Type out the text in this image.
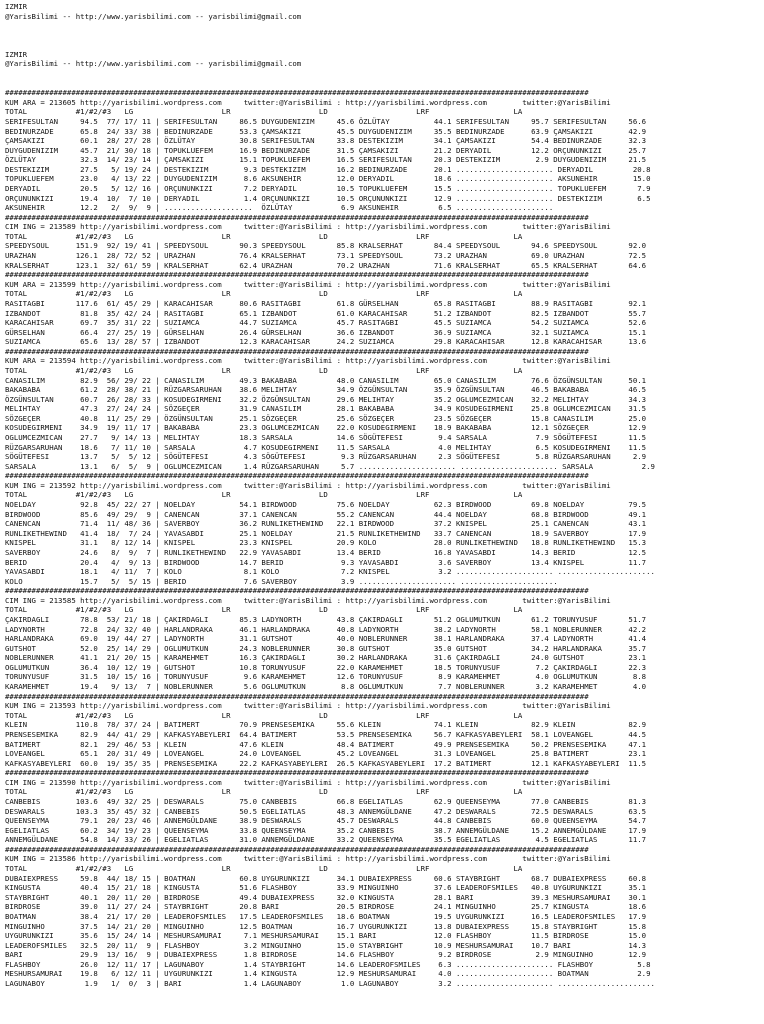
IZMIR
@YarisBilimi -- http://www.yarisbilimi.com -- yarisbilimi@gmail.com
IZMIR
@YarisBilimi -- http://www.yarisbilimi.com -- yarisbilimi@gmail.com
####################################################################################################################################
KUM ARA = 213605 http://yarisbilimi.wordpress.com     twitter:@YarisBilimi : http://yarisbilimi.wordpress.com        twitter:@YarisBilimi
TOTAL           #1/#2/#3   LG                    LR                    LD                    LRF                   LA
SERIFESULTAN     94.5  77/ 17/ 11 | SERIFESULTAN     86.5 DUYGUDENIZIM     45.6 ÖZLÜTAY          44.1 SERIFESULTAN     95.7 SERIFESULTAN     56.6
BEDINURZADE      65.8  24/ 33/ 38 | BEDINURZADE      53.3 ÇAMSAKIZI        45.5 DUYGUDENIZIM     35.5 BEDINURZADE      63.9 ÇAMSAKIZI        42.9
ÇAMSAKIZI        60.1  28/ 27/ 28 | ÖZLÜTAY          30.8 SERIFESULTAN     33.8 DESTEKIZIM       34.1 ÇAMSAKIZI        54.4 BEDINURZADE      32.3
DUYGUDENIZIM     45.7  21/ 30/ 18 | TOPUKLUEFEM      16.9 BEDINURZADE      31.5 ÇAMSAKIZI        21.2 DERYADIL         12.2 ORÇUNUNKIZI      25.7
ÖZLÜTAY          32.3  14/ 23/ 14 | ÇAMSAKIZI        15.1 TOPUKLUEFEM      16.5 SERIFESULTAN     20.3 DESTEKIZIM        2.9 DUYGUDENIZIM     21.5
DESTEKIZIM       27.5   5/ 19/ 24 | DESTEKIZIM        9.3 DESTEKIZIM       16.2 BEDINURZADE      20.1 ...................... DERYADIL         20.8
TOPUKLUEFEM      23.0   4/ 13/ 22 | DUYGUDENIZIM      8.6 AKSUNEHIR        12.0 DERYADIL         18.6 ...................... AKSUNEHIR        15.0
DERYADIL         20.5   5/ 12/ 16 | ORÇUNUNKIZI       7.2 DERYADIL         10.5 TOPUKLUEFEM      15.5 ...................... TOPUKLUEFEM       7.9
ORÇUNUNKIZI      19.4  10/  7/ 10 | DERYADIL          1.4 ORÇUNUNKIZI      10.5 ORÇUNUNKIZI      12.9 ...................... DESTEKIZIM        6.5
AKSUNEHIR        12.2   2/  9/  9 | ....................  ÖZLÜTAY           6.9 AKSUNEHIR         6.5 ......................
####################################################################################################################################
CIM ING = 213589 http://yarisbilimi.wordpress.com     twitter:@YarisBilimi : http://yarisbilimi.wordpress.com        twitter:@YarisBilimi
TOTAL           #1/#2/#3   LG                    LR                    LD                    LRF                   LA
SPEEDYSOUL      151.9  92/ 19/ 41 | SPEEDYSOUL       90.3 SPEEDYSOUL       85.8 KRALSERHAT       84.4 SPEEDYSOUL       94.6 SPEEDYSOUL       92.0
URAZHAN         126.1  28/ 72/ 52 | URAZHAN          76.4 KRALSERHAT       73.1 SPEEDYSOUL       73.2 URAZHAN          69.0 URAZHAN          72.5
KRALSERHAT      123.1  32/ 61/ 59 | KRALSERHAT       62.4 URAZHAN          70.2 URAZHAN          71.6 KRALSERHAT       65.5 KRALSERHAT       64.6
####################################################################################################################################
KUM ARA = 213599 http://yarisbilimi.wordpress.com     twitter:@YarisBilimi : http://yarisbilimi.wordpress.com        twitter:@YarisBilimi
TOTAL           #1/#2/#3   LG                    LR                    LD                    LRF                   LA
RASITAGBI       117.6  61/ 45/ 29 | KARACAHISAR      80.6 RASITAGBI        61.8 GÜRSELHAN        65.8 RASITAGBI        88.9 RASITAGBI        92.1
IZBANDOT         81.8  35/ 42/ 24 | RASITAGBI        65.1 IZBANDOT         61.0 KARACAHISAR      51.2 IZBANDOT         82.5 IZBANDOT         55.7
KARACAHISAR      69.7  35/ 31/ 22 | SUZIAMCA         44.7 SUZIAMCA         45.7 RASITAGBI        45.5 SUZIAMCA         54.2 SUZIAMCA         52.6
GÜRSELHAN        66.4  27/ 25/ 19 | GÜRSELHAN        26.4 GÜRSELHAN        36.6 IZBANDOT         36.9 SUZIAMCA         32.1 SUZIAMCA         15.1
SUZIAMCA         65.6  13/ 28/ 57 | IZBANDOT         12.3 KARACAHISAR      24.2 SUZIAMCA         29.8 KARACAHISAR      12.8 KARACAHISAR      13.6
####################################################################################################################################
KUM ARA = 213594 http://yarisbilimi.wordpress.com     twitter:@YarisBilimi : http://yarisbilimi.wordpress.com        twitter:@YarisBilimi
TOTAL           #1/#2/#3   LG                    LR                    LD                    LRF                   LA
CANASILIM        82.9  56/ 29/ 22 | CANASILIM        49.3 BAKABABA         48.0 CANASILIM        65.0 CANASILIM        76.6 ÖZGÜNSULTAN      50.1
BAKABABA         61.2  28/ 38/ 21 | RÜZGARSARUHAN    38.6 MELIHTAY         34.9 ÖZGÜNSULTAN      35.9 ÖZGÜNSULTAN      46.5 BAKABABA         46.5
ÖZGÜNSULTAN      60.7  26/ 28/ 33 | KOSUDEGIRMENI    32.2 ÖZGÜNSULTAN      29.6 MELIHTAY         35.2 OGLUMCEZMICAN    32.2 MELIHTAY         34.3
MELIHTAY         47.3  27/ 24/ 24 | SÖZGEÇER         31.9 CANASILIM        28.1 BAKABABA         34.9 KOSUDEGIRMENI    25.8 OGLUMCEZMICAN    31.5
SÖZGEÇER         40.8  11/ 25/ 29 | ÖZGÜNSULTAN      25.1 SÖZGEÇER         25.6 SÖZGEÇER         23.5 SÖZGEÇER         15.8 CANASILIM        25.0
KOSUDEGIRMENI    34.9  19/ 11/ 17 | BAKABABA         23.3 OGLUMCEZMICAN    22.0 KOSUDEGIRMENI    18.9 BAKABABA         12.1 SÖZGEÇER         12.9
OGLUMCEZMICAN    27.7   9/ 14/ 13 | MELIHTAY         18.3 SARSALA          14.6 SÖGÜTEFESI        9.4 SARSALA           7.9 SÖGÜTEFESI       11.5
RÜZGARSARUHAN    18.6   7/ 11/ 10 | SARSALA           4.7 KOSUDEGIRMENI    11.5 SARSALA           4.0 MELIHTAY          6.5 KOSUDEGIRMENI    11.5
SÖGÜTEFESI       13.7   5/  5/ 12 | SÖGÜTEFESI        4.3 SÖGÜTEFESI        9.3 RÜZGARSARUHAN     2.3 SÖGÜTEFESI        5.8 RÜZGARSARUHAN     2.9
SARSALA          13.1   6/  5/  9 | OGLUMCEZMICAN     1.4 RÜZGARSARUHAN     5.7 ...................... ...................... SARSALA           2.9
####################################################################################################################################
KUM ING = 213592 http://yarisbilimi.wordpress.com     twitter:@YarisBilimi : http://yarisbilimi.wordpress.com        twitter:@YarisBilimi
TOTAL           #1/#2/#3   LG                    LR                    LD                    LRF                   LA
NOELDAY          92.8  45/ 22/ 27 | NOELDAY          54.1 BIRDWOOD         75.6 NOELDAY          62.3 BIRDWOOD         69.8 NOELDAY          79.5
BIRDWOOD         85.6  49/ 29/  9 | CANENCAN         37.1 CANENCAN         55.2 CANENCAN         44.4 NOELDAY          68.8 BIRDWOOD         49.1
CANENCAN         71.4  11/ 48/ 36 | SAVERBOY         36.2 RUNLIKETHEWIND   22.1 BIRDWOOD         37.2 KNISPEL          25.1 CANENCAN         43.1
RUNLIKETHEWIND   41.4  18/  7/ 24 | YAVASABDI        25.1 NOELDAY          21.5 RUNLIKETHEWIND   33.7 CANENCAN         18.9 SAVERBOY         17.9
KNISPEL          31.1   8/ 12/ 14 | KNISPEL          23.3 KNISPEL          20.9 KOLO             28.0 RUNLIKETHEWIND   18.8 RUNLIKETHEWIND   15.3
SAVERBOY         24.6   8/  9/  7 | RUNLIKETHEWIND   22.9 YAVASABDI        13.4 BERID            16.8 YAVASABDI        14.3 BERID            12.5
BERID            20.4   4/  9/ 13 | BIRDWOOD         14.7 BERID             9.3 YAVASABDI         3.6 SAVERBOY         13.4 KNISPEL          11.7
YAVASABDI        18.1   4/ 11/  7 | KOLO              8.1 KOLO              7.2 KNISPEL           3.2 ...................... ......................
KOLO             15.7   5/  5/ 15 | BERID             7.6 SAVERBOY          3.9 ...................... ......................
####################################################################################################################################
CIM ING = 213585 http://yarisbilimi.wordpress.com     twitter:@YarisBilimi : http://yarisbilimi.wordpress.com        twitter:@YarisBilimi
TOTAL           #1/#2/#3   LG                    LR                    LD                    LRF                   LA
ÇAKIRDAGLI       78.8  53/ 21/ 18 | ÇAKIRDAGLI       85.3 LADYNORTH        43.8 ÇAKIRDAGLI       51.2 OGLUMUTKUN       61.2 TORUNYUSUF       51.7
LADYNORTH        72.8  24/ 32/ 40 | HARLANDRAKA      46.1 HARLANDRAKA      40.8 LADYNORTH        38.2 LADYNORTH        58.1 NOBLERUNNER      42.2
HARLANDRAKA      69.0  19/ 44/ 27 | LADYNORTH        31.1 GUTSHOT          40.0 NOBLERUNNER      38.1 HARLANDRAKA      37.4 LADYNORTH        41.4
GUTSHOT          52.0  25/ 14/ 29 | OGLUMUTKUN       24.3 NOBLERUNNER      30.8 GUTSHOT          35.0 GUTSHOT          34.2 HARLANDRAKA      35.7
NOBLERUNNER      41.1  21/ 20/ 15 | KARAMEHMET       16.3 ÇAKIRDAGLI       30.2 HARLANDRAKA      31.6 ÇAKIRDAGLI       24.0 GUTSHOT          23.1
OGLUMUTKUN       36.4  10/ 12/ 19 | GUTSHOT          10.8 TORUNYUSUF       22.0 KARAMEHMET       18.5 TORUNYUSUF        7.2 ÇAKIRDAGLI       22.3
TORUNYUSUF       31.5  10/ 15/ 16 | TORUNYUSUF        9.6 KARAMEHMET       12.6 TORUNYUSUF        8.9 KARAMEHMET        4.0 OGLUMUTKUN        8.8
KARAMEHMET       19.4   9/ 13/  7 | NOBLERUNNER       5.6 OGLUMUTKUN        8.8 OGLUMUTKUN        7.7 NOBLERUNNER       3.2 KARAMEHMET        4.0
####################################################################################################################################
KUM ING = 213593 http://yarisbilimi.wordpress.com     twitter:@YarisBilimi : http://yarisbilimi.wordpress.com        twitter:@YarisBilimi
TOTAL           #1/#2/#3   LG                    LR                    LD                    LRF                   LA
KLEIN           110.8  78/ 37/ 24 | BATIMERT         70.9 PRENSESEMIKA     55.6 KLEIN            74.1 KLEIN            82.9 KLEIN            82.9
PRENSESEMIKA     82.9  44/ 41/ 29 | KAFKASYABEYLERI  64.4 BATIMERT         53.5 PRENSESEMIKA     56.7 KAFKASYABEYLERI  58.1 LOVEANGEL        44.5
BATIMERT         82.1  29/ 46/ 53 | KLEIN            47.6 KLEIN            48.4 BATIMERT         49.9 PRENSESEMIKA     50.2 PRENSESEMIKA     47.1
LOVEANGEL        65.1  20/ 31/ 49 | LOVEANGEL        24.0 LOVEANGEL        45.2 LOVEANGEL        31.3 LOVEANGEL        25.8 BATIMERT         23.1
KAFKASYABEYLERI  60.0  19/ 35/ 35 | PRENSESEMIKA     22.2 KAFKASYABEYLERI  26.5 KAFKASYABEYLERI  17.2 BATIMERT         12.1 KAFKASYABEYLERI  11.5
####################################################################################################################################
CIM ING = 213590 http://yarisbilimi.wordpress.com     twitter:@YarisBilimi : http://yarisbilimi.wordpress.com        twitter:@YarisBilimi
TOTAL           #1/#2/#3   LG                    LR                    LD                    LRF                   LA
CANBEBIS        103.6  49/ 32/ 25 | DESWARALS        75.0 CANBEBIS         66.8 EGELIATLAS       62.9 QUEENSEYMA       77.0 CANBEBIS         81.3
DESWARALS       103.3  35/ 45/ 32 | CANBEBIS         50.5 EGELIATLAS       48.3 ANNEMGÜLDANE     47.2 DESWARALS        72.5 DESWARALS        63.5
QUEENSEYMA       79.1  20/ 23/ 46 | ANNEMGÜLDANE     38.9 DESWARALS        45.7 DESWARALS        44.8 CANBEBIS         60.0 QUEENSEYMA       54.7
EGELIATLAS       60.2  34/ 19/ 23 | QUEENSEYMA       33.8 QUEENSEYMA       35.2 CANBEBIS         38.7 ANNEMGÜLDANE     15.2 ANNEMGÜLDANE     17.9
ANNEMGÜLDANE     54.8  14/ 33/ 26 | EGELIATLAS       31.0 ANNEMGÜLDANE     33.2 QUEENSEYMA       35.5 EGELIATLAS        4.5 EGELIATLAS       11.7
####################################################################################################################################
KUM ING = 213586 http://yarisbilimi.wordpress.com     twitter:@YarisBilimi : http://yarisbilimi.wordpress.com        twitter:@YarisBilimi
TOTAL           #1/#2/#3   LG                    LR                    LD                    LRF                   LA
DUBAIEXPRESS     59.8  44/ 18/ 15 | BOATMAN          60.8 UYGURUNKIZI      34.1 DUBAIEXPRESS     60.6 STAYBRIGHT       68.7 DUBAIEXPRESS     60.8
KINGUSTA         40.4  15/ 21/ 18 | KINGUSTA         51.6 FLASHBOY         33.9 MINGUINHO        37.6 LEADEROFSMILES   40.8 UYGURUNKIZI      35.1
STAYBRIGHT       40.1  20/ 11/ 20 | BIRDROSE         49.4 DUBAIEXPRESS     32.0 KINGUSTA         28.1 BARI             39.3 MESHURSAMURAI    30.1
BIRDROSE         39.0  11/ 27/ 24 | STAYBRIGHT       20.8 BARI             20.5 BIRDROSE         24.1 MINGUINHO        25.7 KINGUSTA         18.6
BOATMAN          38.4  21/ 17/ 20 | LEADEROFSMILES   17.5 LEADEROFSMILES   18.6 BOATMAN          19.5 UYGURUNKIZI      16.5 LEADEROFSMILES   17.9
MINGUINHO        37.5  14/ 21/ 20 | MINGUINHO        12.5 BOATMAN          16.7 UYGURUNKIZI      13.8 DUBAIEXPRESS     15.8 STAYBRIGHT       15.8
UYGURUNKIZI      35.6  15/ 24/ 14 | MESHURSAMURAI     7.1 MESHURSAMURAI    15.1 BARI             12.0 FLASHBOY         11.5 BIRDROSE         15.0
LEADEROFSMILES   32.5  20/ 11/  9 | FLASHBOY          3.2 MINGUINHO        15.0 STAYBRIGHT       10.9 MESHURSAMURAI    10.7 BARI             14.3
BARI             29.9  13/ 16/  9 | DUBAIEXPRESS      1.8 BIRDROSE         14.6 FLASHBOY          9.2 BIRDROSE          2.9 MINGUINHO        12.9
FLASHBOY         26.0  12/ 11/ 17 | LAGUNABOY         1.4 STAYBRIGHT       14.6 LEADEROFSMILES    6.3 ...................... FLASHBOY          5.8
MESHURSAMURAI    19.8   6/ 12/ 11 | UYGURUNKIZI       1.4 KINGUSTA         12.9 MESHURSAMURAI     4.0 ...................... BOATMAN           2.9
LAGUNABOY         1.9   1/  0/  3 | BARI              1.4 LAGUNABOY         1.0 LAGUNABOY         3.2 ...................... ......................
